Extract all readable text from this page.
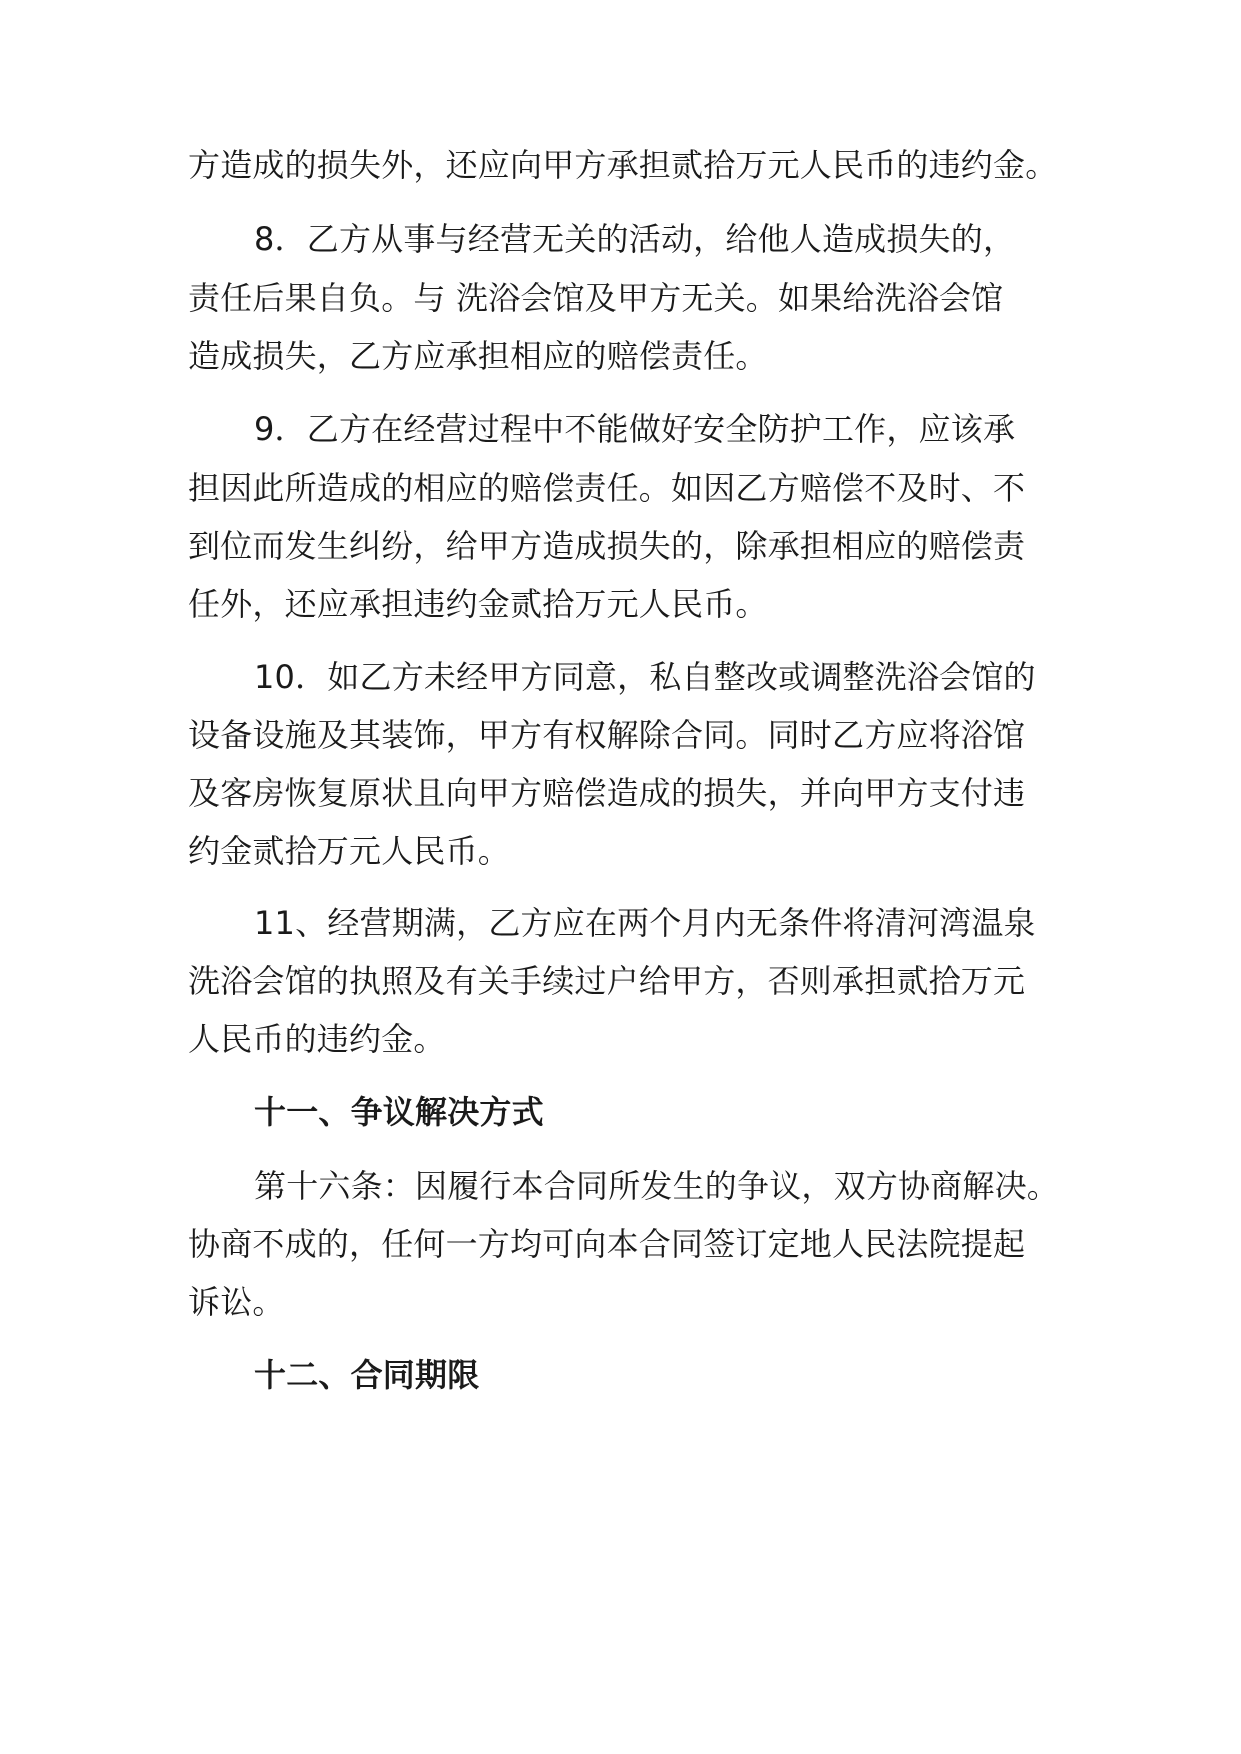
方造成的损失外，还应向甲方承担贰拾万元人民币的违约金。
8．乙方从事与经营无关的活动，给他人造成损失的，
责任后果自负。与 洗浴会馆及甲方无关。如果给洗浴会馆
造成损失，乙方应承担相应的赔偿责任。
9．乙方在经营过程中不能做好安全防护工作，应该承
担因此所造成的相应的赔偿责任。如因乙方赔偿不及时、不
到位而发生纠纷，给甲方造成损失的，除承担相应的赔偿责
任外，还应承担违约金贰拾万元人民币。
10．如乙方未经甲方同意，私自整改或调整洗浴会馆的
设备设施及其装饰，甲方有权解除合同。同时乙方应将浴馆
及客房恢复原状且向甲方赔偿造成的损失，并向甲方支付违
约金贰拾万元人民币。
11、经营期满，乙方应在两个月内无条件将清河湾温泉
洗浴会馆的执照及有关手续过户给甲方，否则承担贰拾万元
人民币的违约金。
十一、争议解决方式
第十六条：因履行本合同所发生的争议，双方协商解决。
协商不成的，任何一方均可向本合同签订定地人民法院提起
诉讼。
十二、合同期限
